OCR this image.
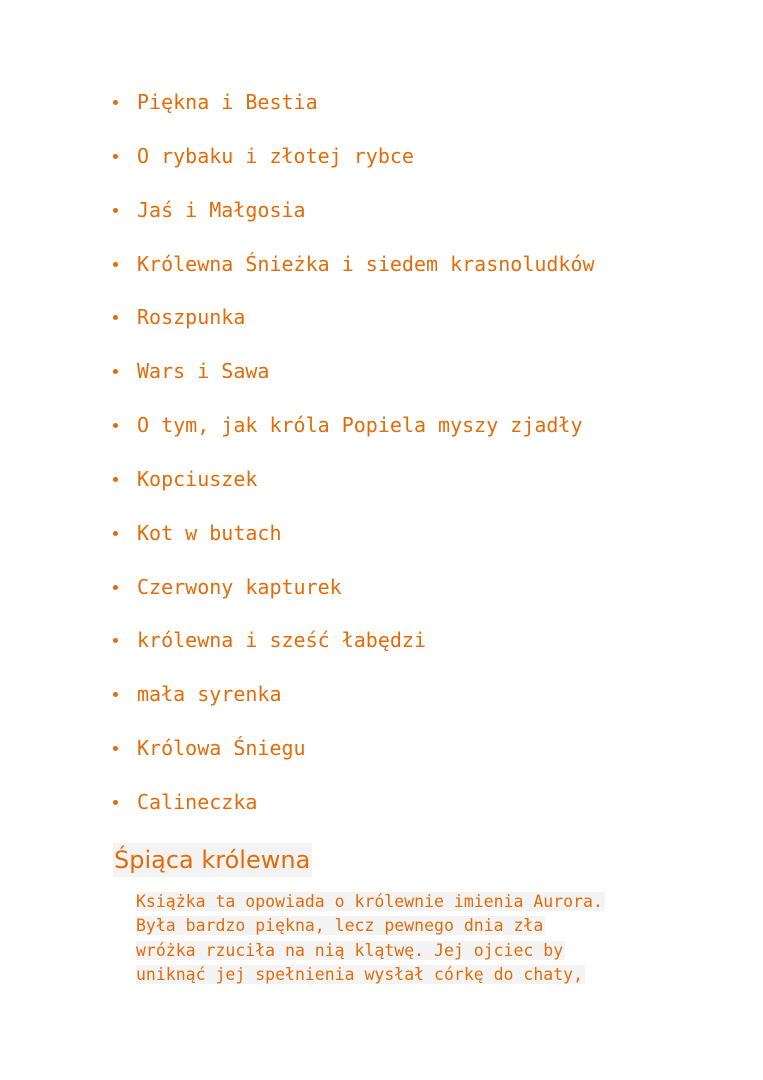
Piękna i Bestia
O rybaku i złotej rybce
Jaś i Małgosia
Królewna Śnieżka i siedem krasnoludków
Roszpunka
Wars i Sawa
O tym, jak króla Popiela myszy zjadły
Kopciuszek
Kot w butach
Czerwony kapturek
królewna i sześć łabędzi
mała syrenka
Królowa Śniegu
Calineczka
Śpiąca królewna

Książka ta opowiada o królewnie imienia Aurora.
Była bardzo piękna, lecz pewnego dnia zła
wróżka rzuciła na nią klątwę. Jej ojciec by
uniknąć jej spełnienia wysłał córkę do chaty,
